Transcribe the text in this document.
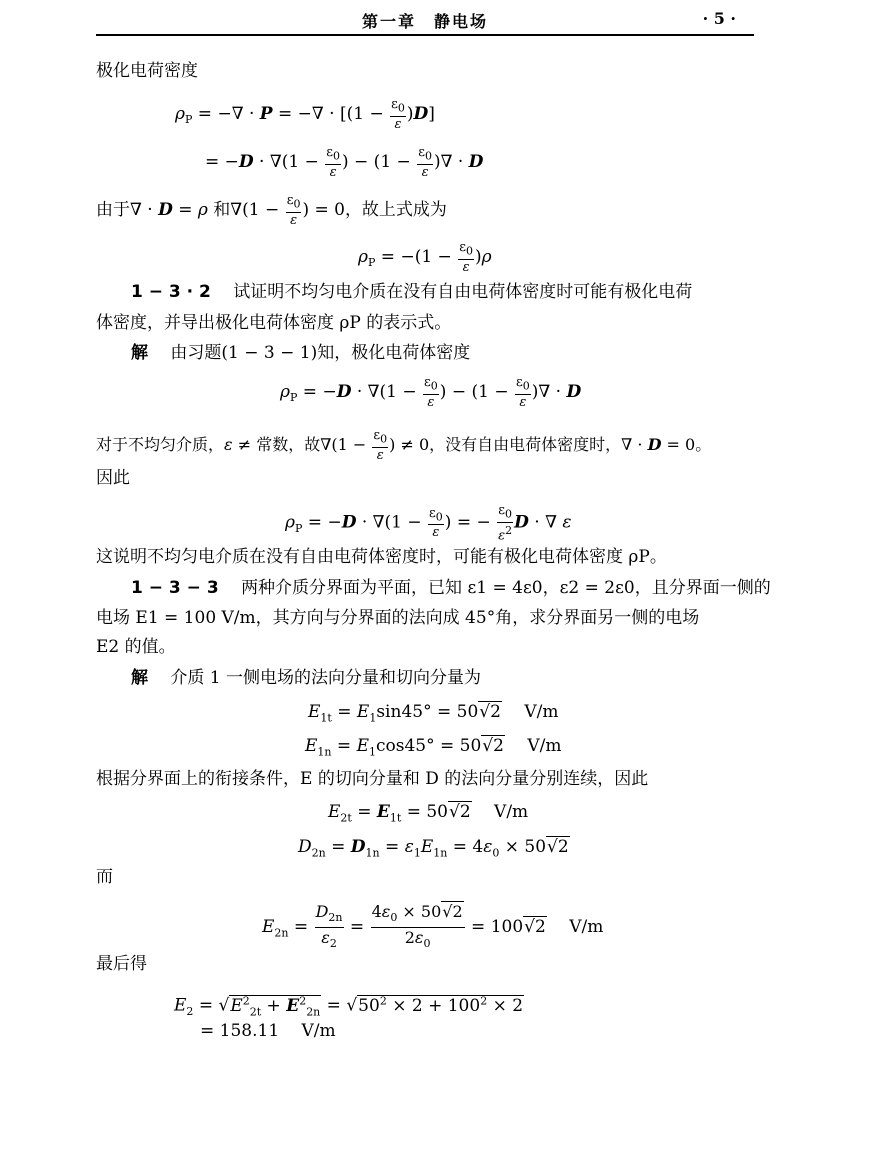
第一章　静电场	· 5 ·
极化电荷密度
$\rho_P$ = −∇ · P = −∇ · $[(1 - \frac{\varepsilon_0}{\varepsilon} )D]$
= $-D \cdot \nabla(1 - \frac{\varepsilon_0}{\varepsilon}$ ) − ($1 - \frac{\varepsilon_0}{\varepsilon}$ )∇ · D
由于∇ · D = ρ 和$\nabla(1 - \frac{\varepsilon_0}{\varepsilon}$ ) = 0，故上式成为
$\rho_P = -(1 - \frac{\varepsilon_0}{\varepsilon} )\rho$
1 − 3 · 2　 试证明不均匀电介质在没有自由电荷体密度时可能有极化电荷
体密度，并导出极化电荷体密度 ρP 的表示式。
解　 由习题(1 − 3 − 1)知，极化电荷体密度
$\rho_P = -D \cdot \nabla(1 - \frac{\varepsilon_0}{\varepsilon}$ ) − ($1 - \frac{\varepsilon_0}{\varepsilon}$ )∇ · D
对于不均匀介质，ε ≠ 常数，故$\nabla(1 - \frac{\varepsilon_0}{\varepsilon}$ ) ≠ 0，没有自由电荷体密度时，∇ · D = 0。
因此
$\rho_P = -D \cdot \nabla(1 - \frac{\varepsilon_0}{\varepsilon}$ ) = − $\frac{\varepsilon_0}{\varepsilon^2}$ D · ∇ ε
这说明不均匀电介质在没有自由电荷体密度时，可能有极化电荷体密度 ρP。
1 − 3 − 3　 两种介质分界面为平面，已知 ε1 = 4ε0，ε2 = 2ε0，且分界面一侧的
电场 E1 = 100 V/m，其方向与分界面的法向成 45°角，求分界面另一侧的电场
E2 的值。
解　 介质 1 一侧电场的法向分量和切向分量为
$E_{1t} = E_1\sin 45^\circ = 50√2$　 V/m
$E_{1n} = E_1\cos 45^\circ = 50√2$　 V/m
根据分界面上的衔接条件，E 的切向分量和 D 的法向分量分别连续，因此
$E_{2t} = E_{1t} = 50√2$　 V/m
$D_{2n} = D_{1n} = \varepsilon_1E_{1n} = 4\varepsilon_0 \times 50√2$
而
$E_{2n} = \frac{D_{2n}}{\varepsilon_2} = \frac{4\varepsilon_0 \times 50√2}{2\varepsilon_0} = 100√2$　 V/m
最后得
$E_2 = √E^2_{2t} + E^2_{2n} = √50^2 \times 2 + 100^2 \times 2$
= 158.11　 V/m
